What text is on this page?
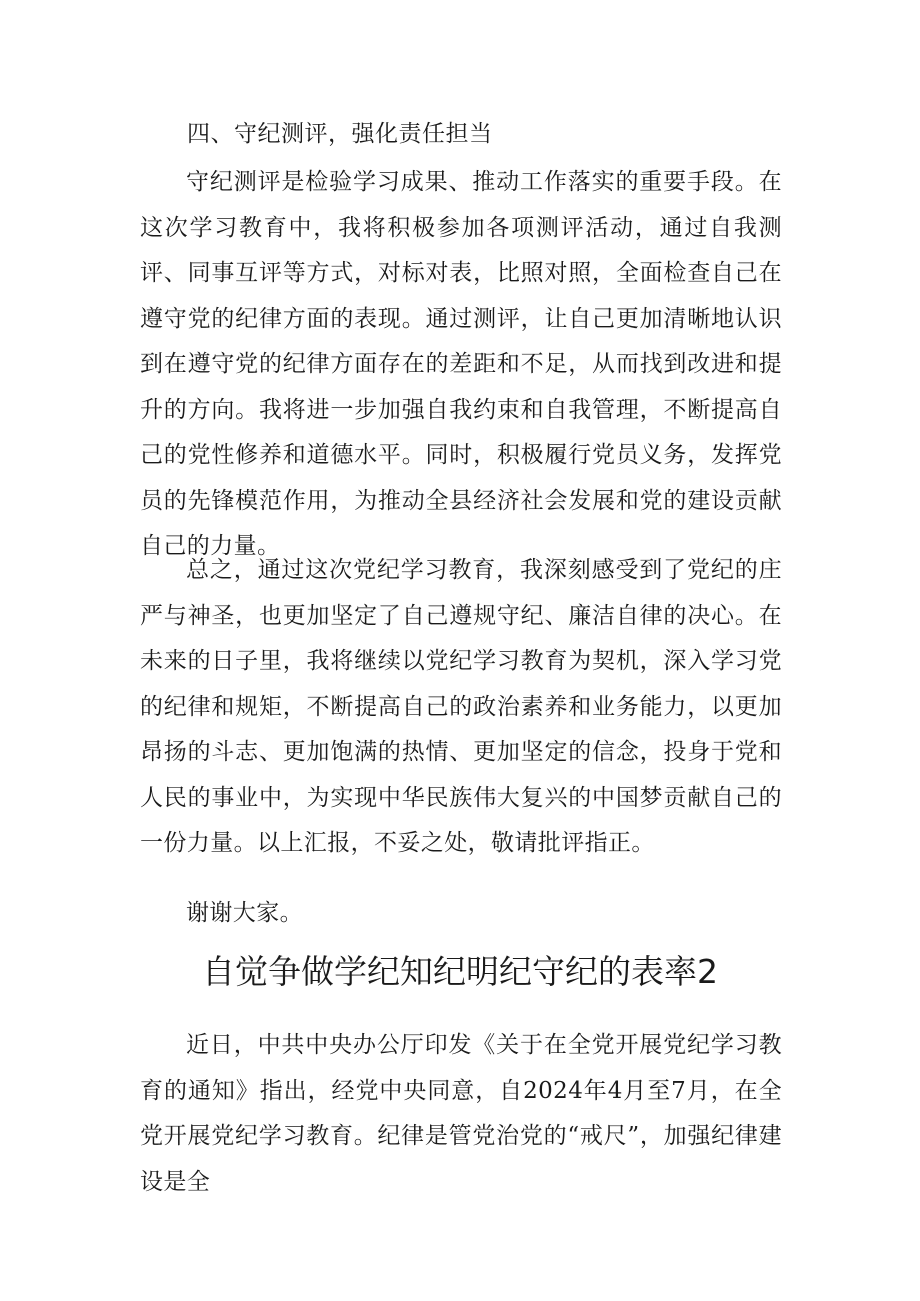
四、守纪测评，强化责任担当

守纪测评是检验学习成果、推动工作落实的重要手段。在这次学习教育中，我将积极参加各项测评活动，通过自我测评、同事互评等方式，对标对表，比照对照，全面检查自己在遵守党的纪律方面的表现。通过测评，让自己更加清晰地认识到在遵守党的纪律方面存在的差距和不足，从而找到改进和提升的方向。我将进一步加强自我约束和自我管理，不断提高自己的党性修养和道德水平。同时，积极履行党员义务，发挥党员的先锋模范作用，为推动全县经济社会发展和党的建设贡献自己的力量。

总之，通过这次党纪学习教育，我深刻感受到了党纪的庄严与神圣，也更加坚定了自己遵规守纪、廉洁自律的决心。在未来的日子里，我将继续以党纪学习教育为契机，深入学习党的纪律和规矩，不断提高自己的政治素养和业务能力，以更加昂扬的斗志、更加饱满的热情、更加坚定的信念，投身于党和人民的事业中，为实现中华民族伟大复兴的中国梦贡献自己的一份力量。以上汇报，不妥之处，敬请批评指正。

谢谢大家。

自觉争做学纪知纪明纪守纪的表率2

近日，中共中央办公厅印发《关于在全党开展党纪学习教育的通知》指出，经党中央同意，自2024年4月至7月，在全党开展党纪学习教育。纪律是管党治党的“戒尺”，加强纪律建设是全
